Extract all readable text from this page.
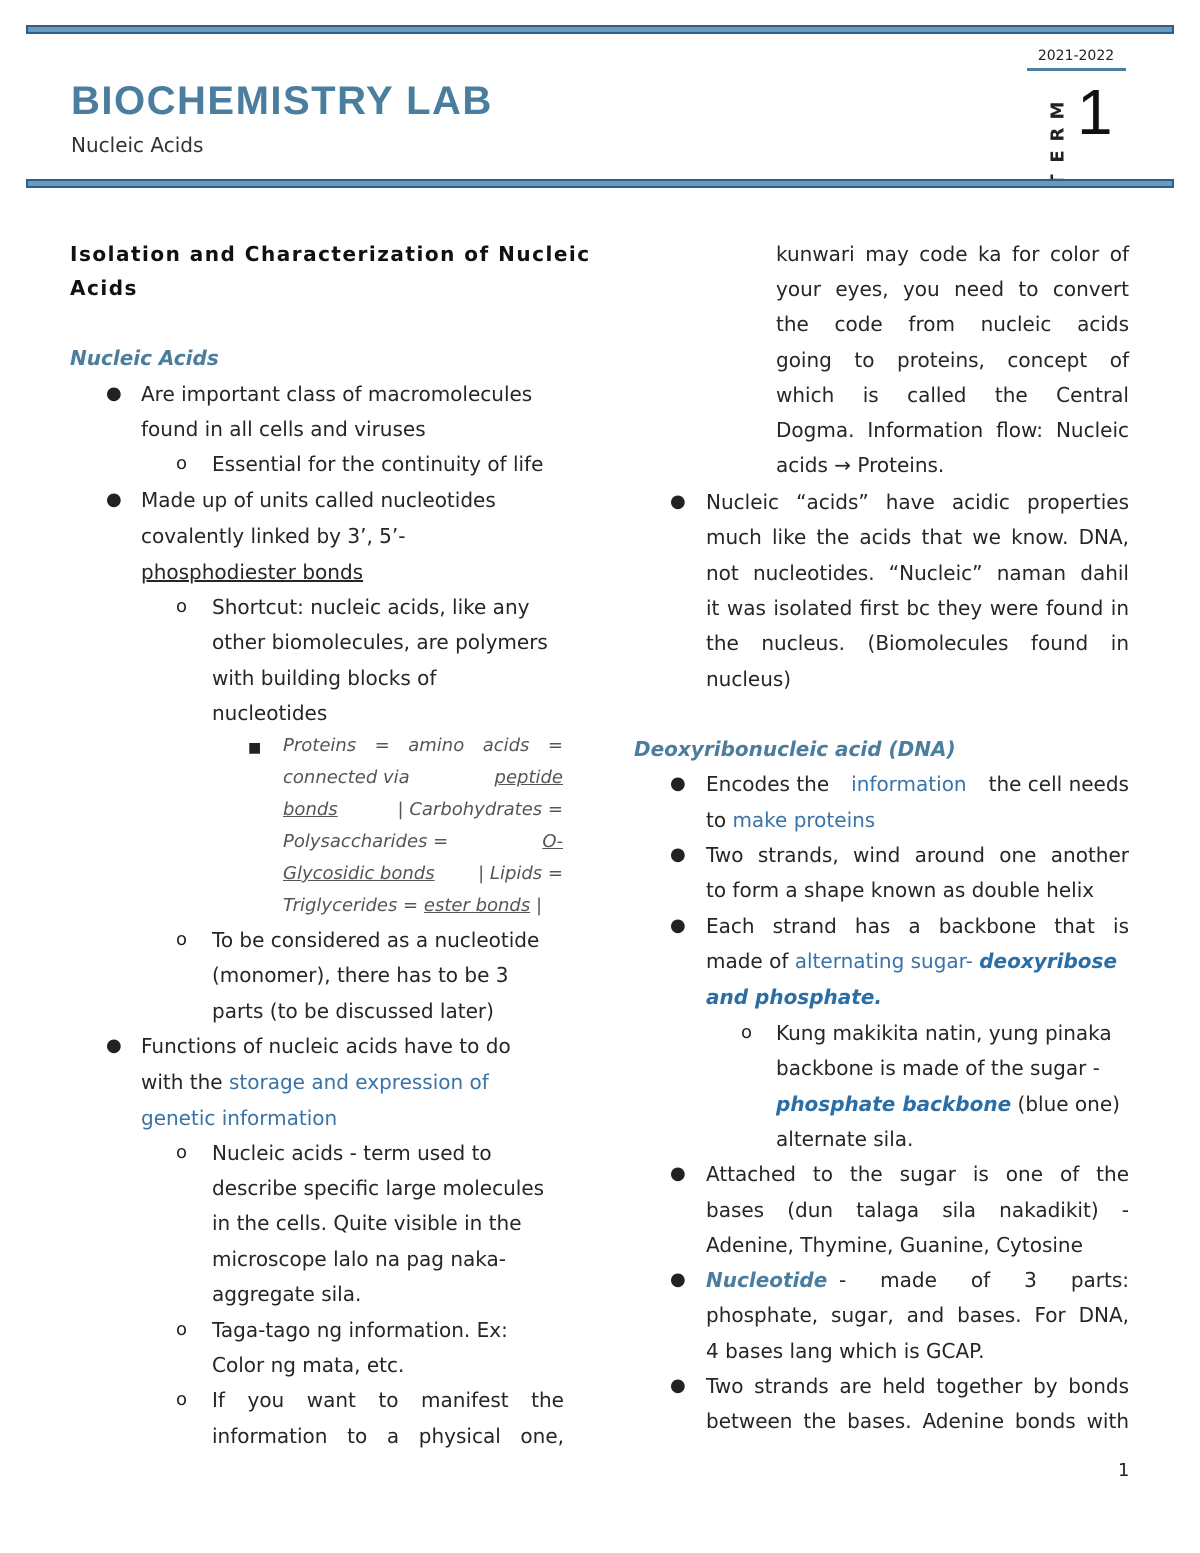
BIOCHEMISTRY LAB
Nucleic Acids
2021-2022
E
R
M 1
Isolation and Characterization of Nucleic
Acids
Nucleic Acids
● Are important class of macromolecules
found in all cells and viruses
o Essential for the continuity of life
● Made up of units called nucleotides
covalently linked by 3’, 5’-
phosphodiester bonds
o Shortcut: nucleic acids, like any
other biomolecules, are polymers
with building blocks of
nucleotides
■ Proteins = amino acids =
connected via	peptide
bonds	| Carbohydrates =
Polysaccharides =	O-
Glycosidic bonds | Lipids =
Triglycerides = ester bonds |
o To be considered as a nucleotide
(monomer), there has to be 3
parts (to be discussed later)
● Functions of nucleic acids have to do
with the storage and expression of
genetic information
o Nucleic acids - term used to
describe specific large molecules
in the cells. Quite visible in the
microscope lalo na pag naka-
aggregate sila.
o Taga-tago ng information. Ex:
Color ng mata, etc.
o If you want to manifest the
information to a physical one,
kunwari may code ka for color of
your eyes, you need to convert
the code from nucleic acids
going to proteins, concept of
which is called the Central
Dogma. Information flow: Nucleic
acids → Proteins.
● Nucleic “acids” have acidic properties
much like the acids that we know. DNA,
not nucleotides. “Nucleic” naman dahil
it was isolated first bc they were found in
the nucleus. (Biomolecules found in
nucleus)
Deoxyribonucleic acid (DNA)
● Encodes the information the cell needs
to make proteins
● Two strands, wind around one another
to form a shape known as double helix
● Each strand has a backbone that is
made of alternating sugar- deoxyribose
and phosphate.
o Kung makikita natin, yung pinaka
backbone is made of the sugar -
phosphate backbone (blue one)
alternate sila.
● Attached to the sugar is one of the
bases (dun talaga sila nakadikit) -
Adenine, Thymine, Guanine, Cytosine
● Nucleotide - made of 3 parts:
phosphate, sugar, and bases. For DNA,
4 bases lang which is GCAP.
● Two strands are held together by bonds
between the bases. Adenine bonds with
1
